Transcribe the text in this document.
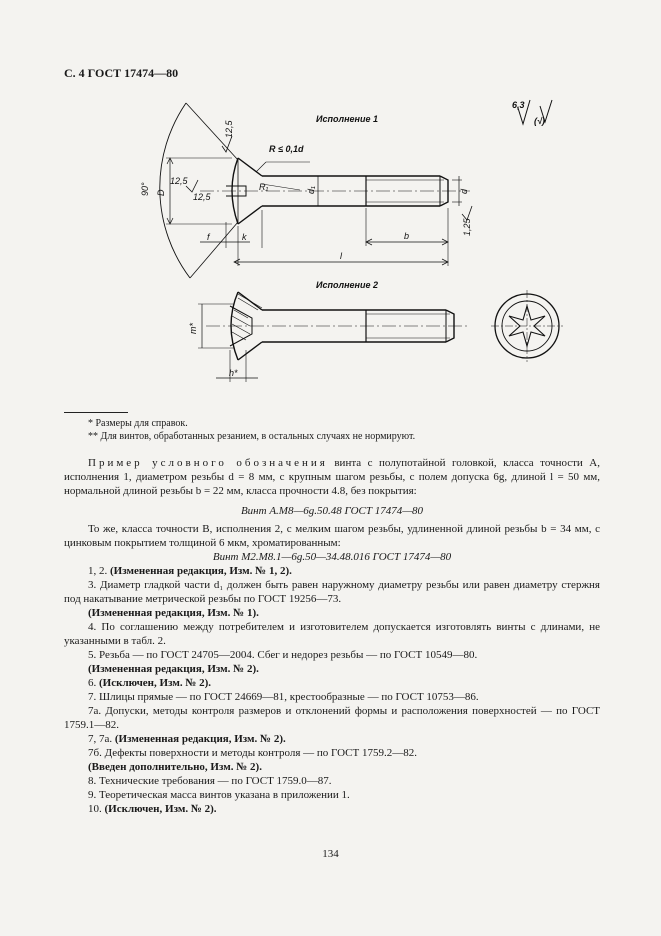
С. 4 ГОСТ 17474—80
Исполнение 1
6,3
(√)
R ≤ 0,1d
12,5
12,5
12,5
1,25
90° D
R₁	d₁	d
f	k
l
b
Исполнение 2
m*
h*
* Размеры для справок.
** Для винтов, обработанных резанием, в остальных случаях не нормируют.

Пример условного обозначения винта с полупотайной головкой, класса точности А, исполнения 1, диаметром резьбы d = 8 мм, с крупным шагом резьбы, с полем допуска 6g, длиной l = 50 мм, нормальной длиной резьбы b = 22 мм, класса прочности 4.8, без покрытия:

Винт А.М8—6g.50.48 ГОСТ 17474—80

То же, класса точности В, исполнения 2, с мелким шагом резьбы, удлиненной длиной резьбы b = 34 мм, с цинковым покрытием толщиной 6 мкм, хроматированным:

Винт М2.М8.1—6g.50—34.48.016 ГОСТ 17474—80

1, 2. (Измененная редакция, Изм. № 1, 2).

3. Диаметр гладкой части d₁ должен быть равен наружному диаметру резьбы или равен диаметру стержня под накатывание метрической резьбы по ГОСТ 19256—73.

(Измененная редакция, Изм. № 1).

4. По соглашению между потребителем и изготовителем допускается изготовлять винты с длинами, не указанными в табл. 2.

5. Резьба — по ГОСТ 24705—2004. Сбег и недорез резьбы — по ГОСТ 10549—80.

(Измененная редакция, Изм. № 2).

6. (Исключен, Изм. № 2).

7. Шлицы прямые — по ГОСТ 24669—81, крестообразные — по ГОСТ 10753—86.

7а. Допуски, методы контроля размеров и отклонений формы и расположения поверхностей — по ГОСТ 1759.1—82.

7, 7а. (Измененная редакция, Изм. № 2).

7б. Дефекты поверхности и методы контроля — по ГОСТ 1759.2—82.

(Введен дополнительно, Изм. № 2).

8. Технические требования — по ГОСТ 1759.0—87.

9. Теоретическая масса винтов указана в приложении 1.

10. (Исключен, Изм. № 2).

134
